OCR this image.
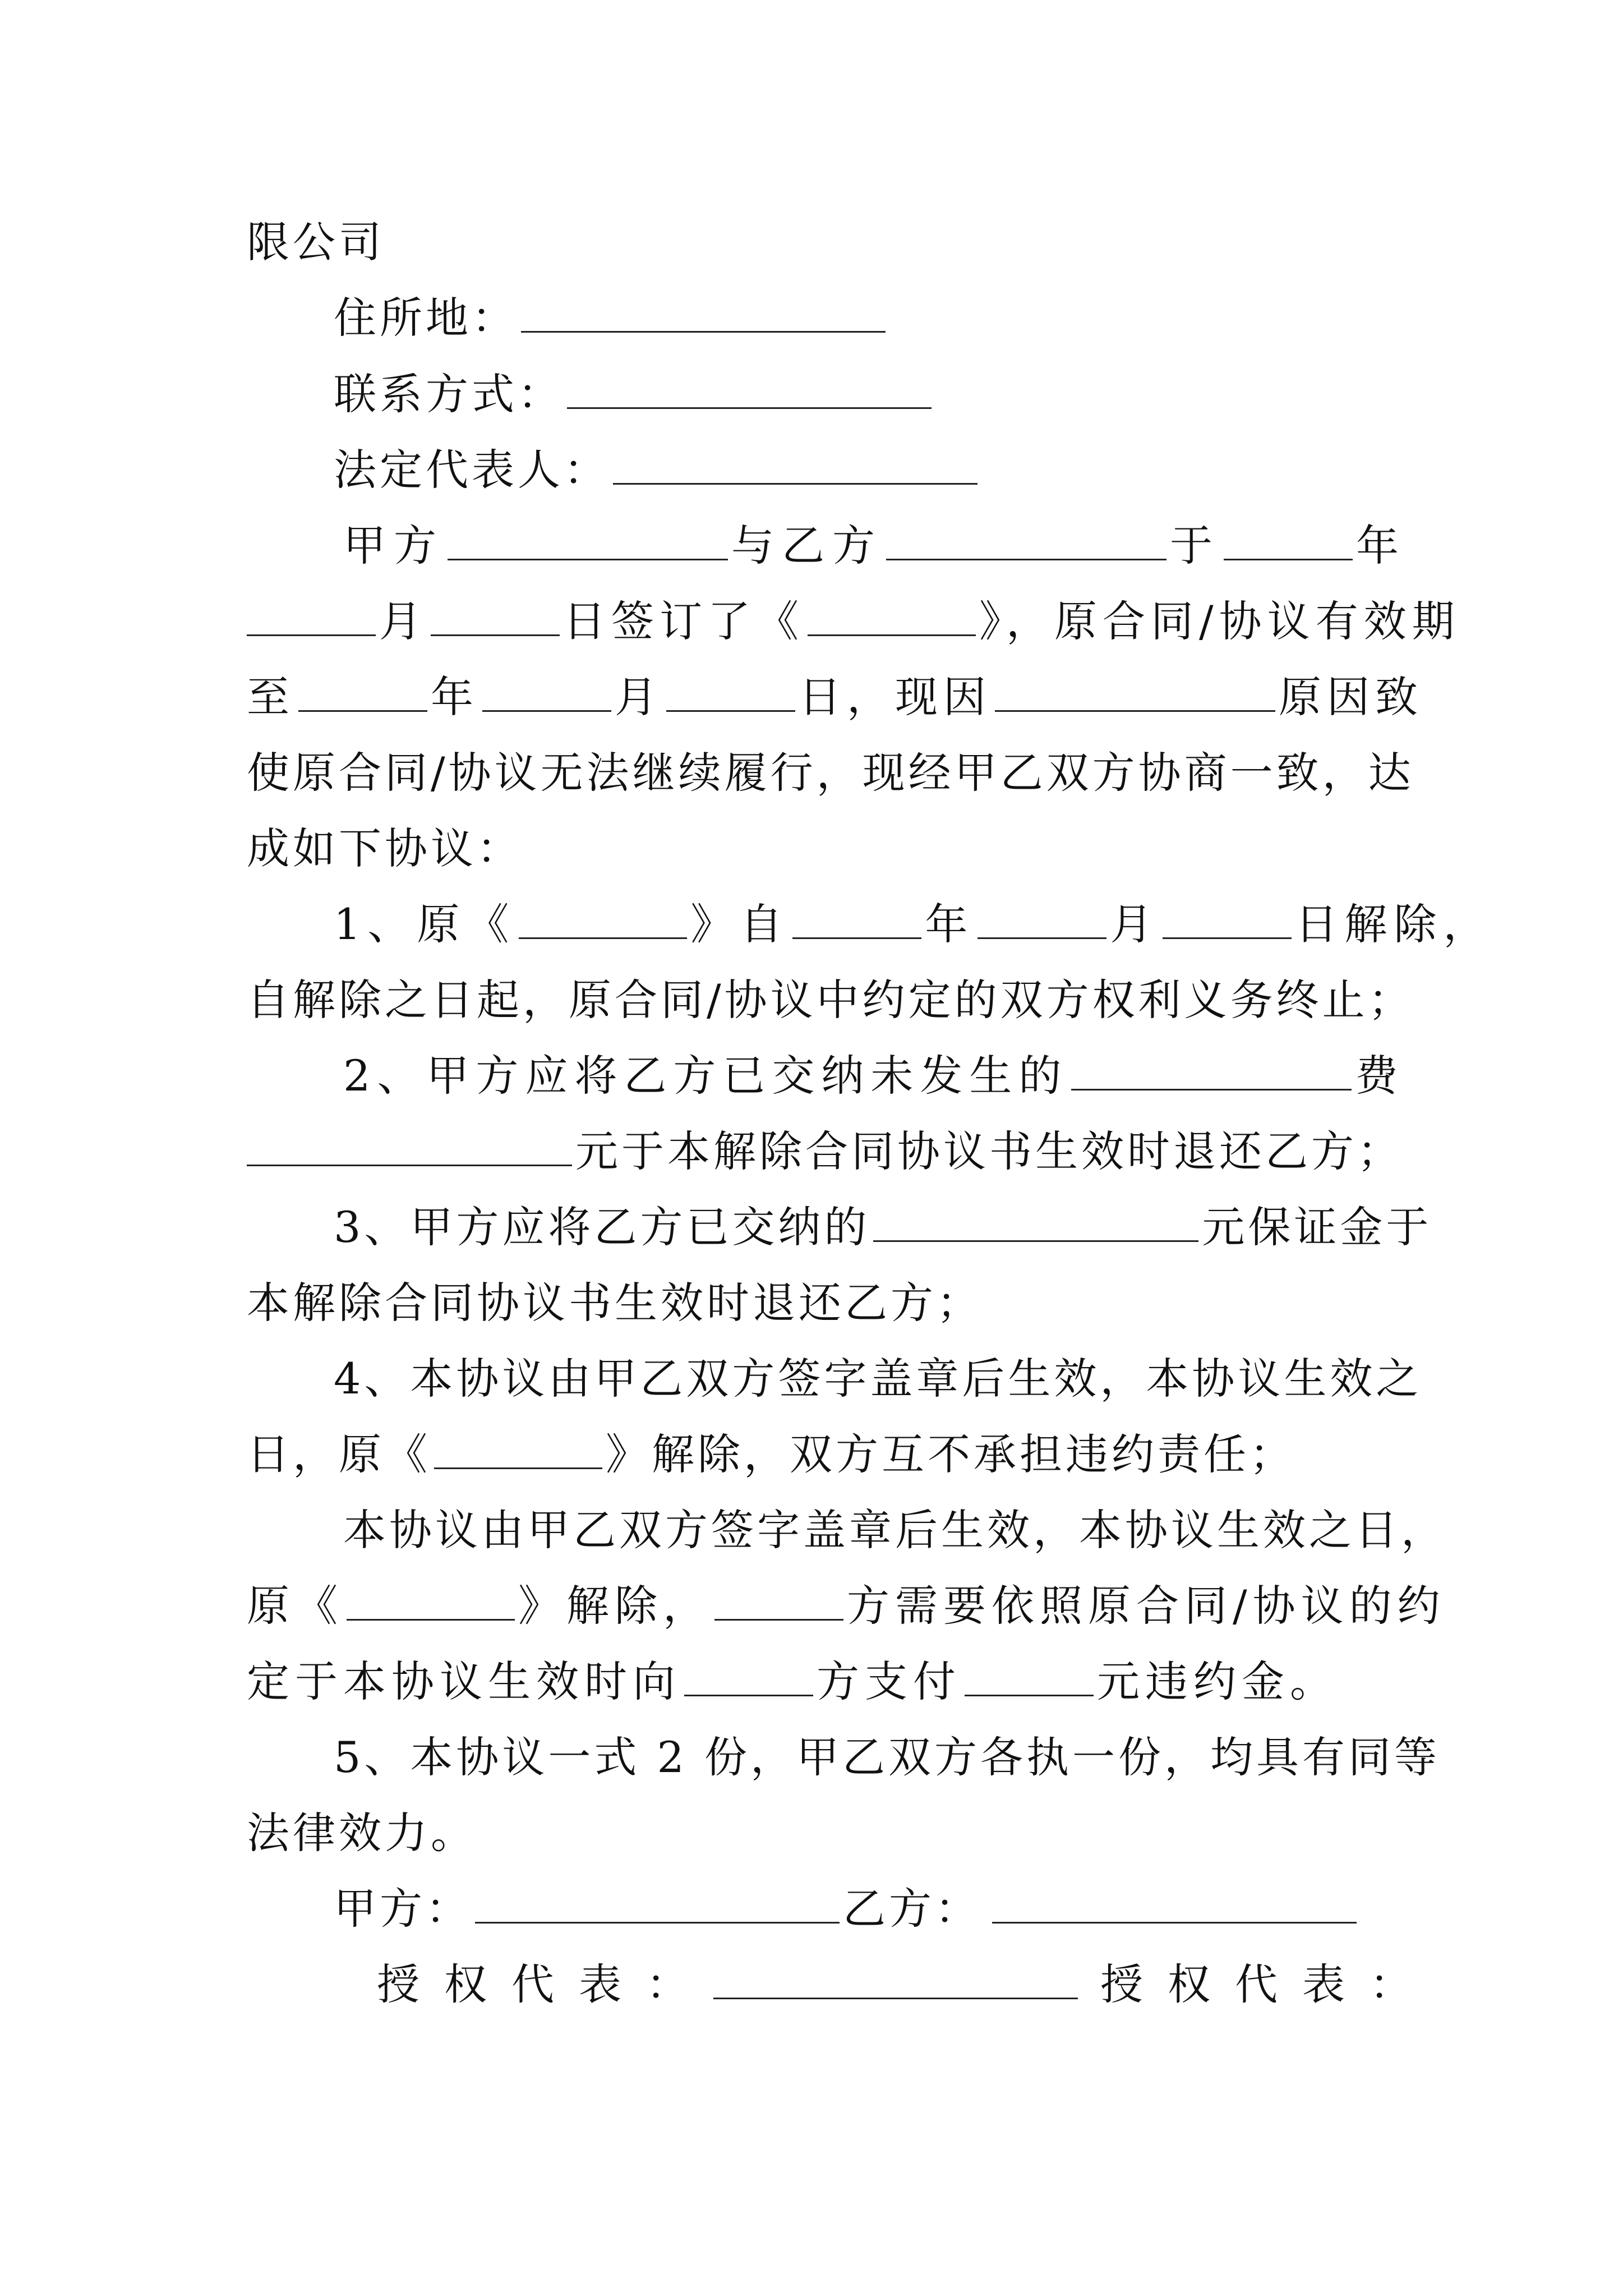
限公司
住所地：
联系方式：
法定代表人：
甲方	与乙方	于	年
月	日签订了《	》，原合同/协议有效期
至	年	月	日，现因	原因致
使原合同/协议无法继续履行，现经甲乙双方协商一致，达
成如下协议：
1、原《	》自	年	月	日解除，
自解除之日起，原合同/协议中约定的双方权利义务终止；
2、甲方应将乙方已交纳未发生的	费
元于本解除合同协议书生效时退还乙方；
3、甲方应将乙方已交纳的	元保证金于
本解除合同协议书生效时退还乙方；
4、本协议由甲乙双方签字盖章后生效，本协议生效之
日，原《	》解除，双方互不承担违约责任；
本协议由甲乙双方签字盖章后生效，本协议生效之日，
原《	》解除，	方需要依照原合同/协议的约
定于本协议生效时向	方支付	元违约金。
5、本协议一式 2 份，甲乙双方各执一份，均具有同等
法律效力。
甲方：	乙方：
授权代表：	授权代表：
